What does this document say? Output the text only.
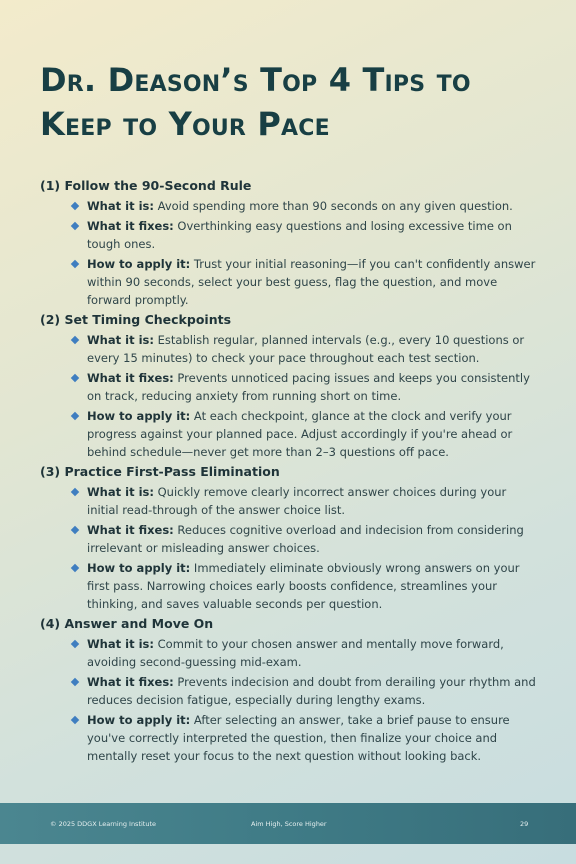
Dr. Deason’s Top 4 Tips to Keep to Your Pace
(1) Follow the 90-Second Rule
What it is: Avoid spending more than 90 seconds on any given question.
What it fixes: Overthinking easy questions and losing excessive time on tough ones.
How to apply it: Trust your initial reasoning—if you can't confidently answer within 90 seconds, select your best guess, flag the question, and move forward promptly.
(2) Set Timing Checkpoints
What it is: Establish regular, planned intervals (e.g., every 10 questions or every 15 minutes) to check your pace throughout each test section.
What it fixes: Prevents unnoticed pacing issues and keeps you consistently on track, reducing anxiety from running short on time.
How to apply it: At each checkpoint, glance at the clock and verify your progress against your planned pace. Adjust accordingly if you're ahead or behind schedule—never get more than 2–3 questions off pace.
(3) Practice First-Pass Elimination
What it is: Quickly remove clearly incorrect answer choices during your initial read-through of the answer choice list.
What it fixes: Reduces cognitive overload and indecision from considering irrelevant or misleading answer choices.
How to apply it: Immediately eliminate obviously wrong answers on your first pass. Narrowing choices early boosts confidence, streamlines your thinking, and saves valuable seconds per question.
(4) Answer and Move On
What it is: Commit to your chosen answer and mentally move forward, avoiding second-guessing mid-exam.
What it fixes: Prevents indecision and doubt from derailing your rhythm and reduces decision fatigue, especially during lengthy exams.
How to apply it: After selecting an answer, take a brief pause to ensure you've correctly interpreted the question, then finalize your choice and mentally reset your focus to the next question without looking back.
© 2025 DDGX Learning Institute	Aim High, Score Higher	29
